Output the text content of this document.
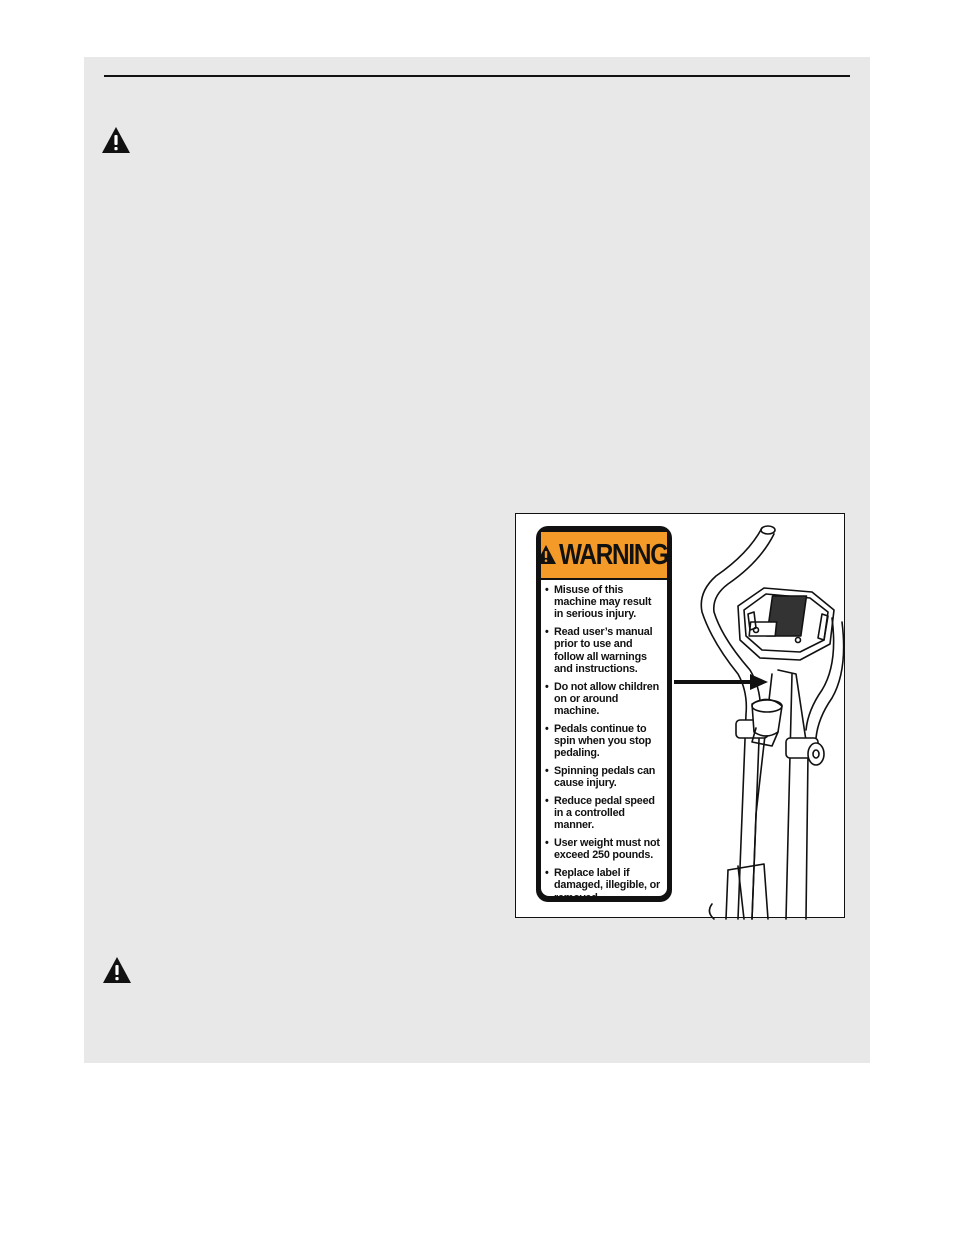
WARNING
• Misuse of this machine may result in serious injury.
• Read user’s manual prior to use and follow all warnings and instructions.
• Do not allow children on or around machine.
• Pedals continue to spin when you stop pedaling.
• Spinning pedals can cause injury.
• Reduce pedal speed in a controlled manner.
• User weight must not exceed 250 pounds.
• Replace label if damaged, illegible, or removed.
